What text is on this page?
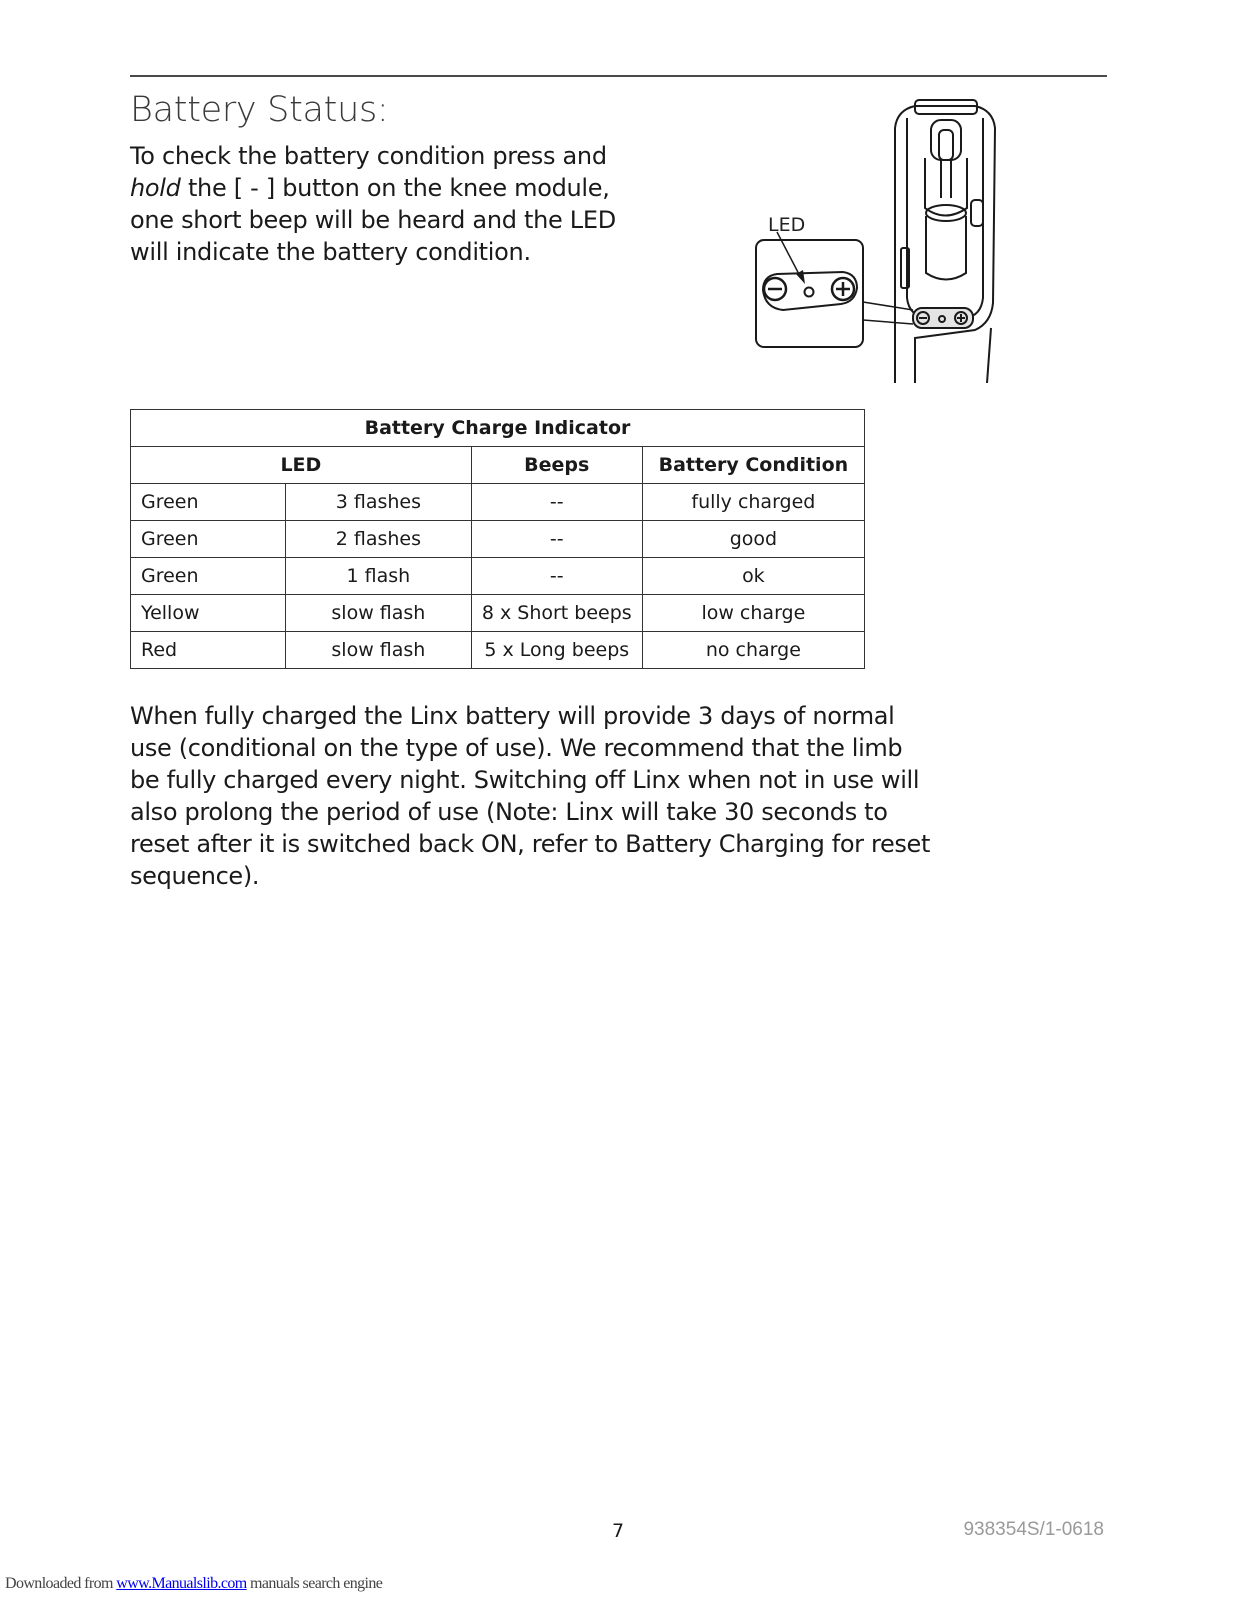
Battery Status:

To check the battery condition press and hold the [ - ] button on the knee module, one short beep will be heard and the LED will indicate the battery condition.

LED
Battery Charge Indicator			
LED		Beeps	Battery Condition
Green	3 flashes	--	fully charged
Green	2 flashes	--	good
Green	1 flash	--	ok
Yellow	slow flash	8 x Short beeps	low charge
Red	slow flash	5 x Long beeps	no charge

When fully charged the Linx battery will provide 3 days of normal use (conditional on the type of use). We recommend that the limb be fully charged every night. Switching off Linx when not in use will also prolong the period of use (Note: Linx will take 30 seconds to reset after it is switched back ON, refer to Battery Charging for reset sequence).

7	938354S/1-0618
Downloaded from www.Manualslib.com manuals search engine
